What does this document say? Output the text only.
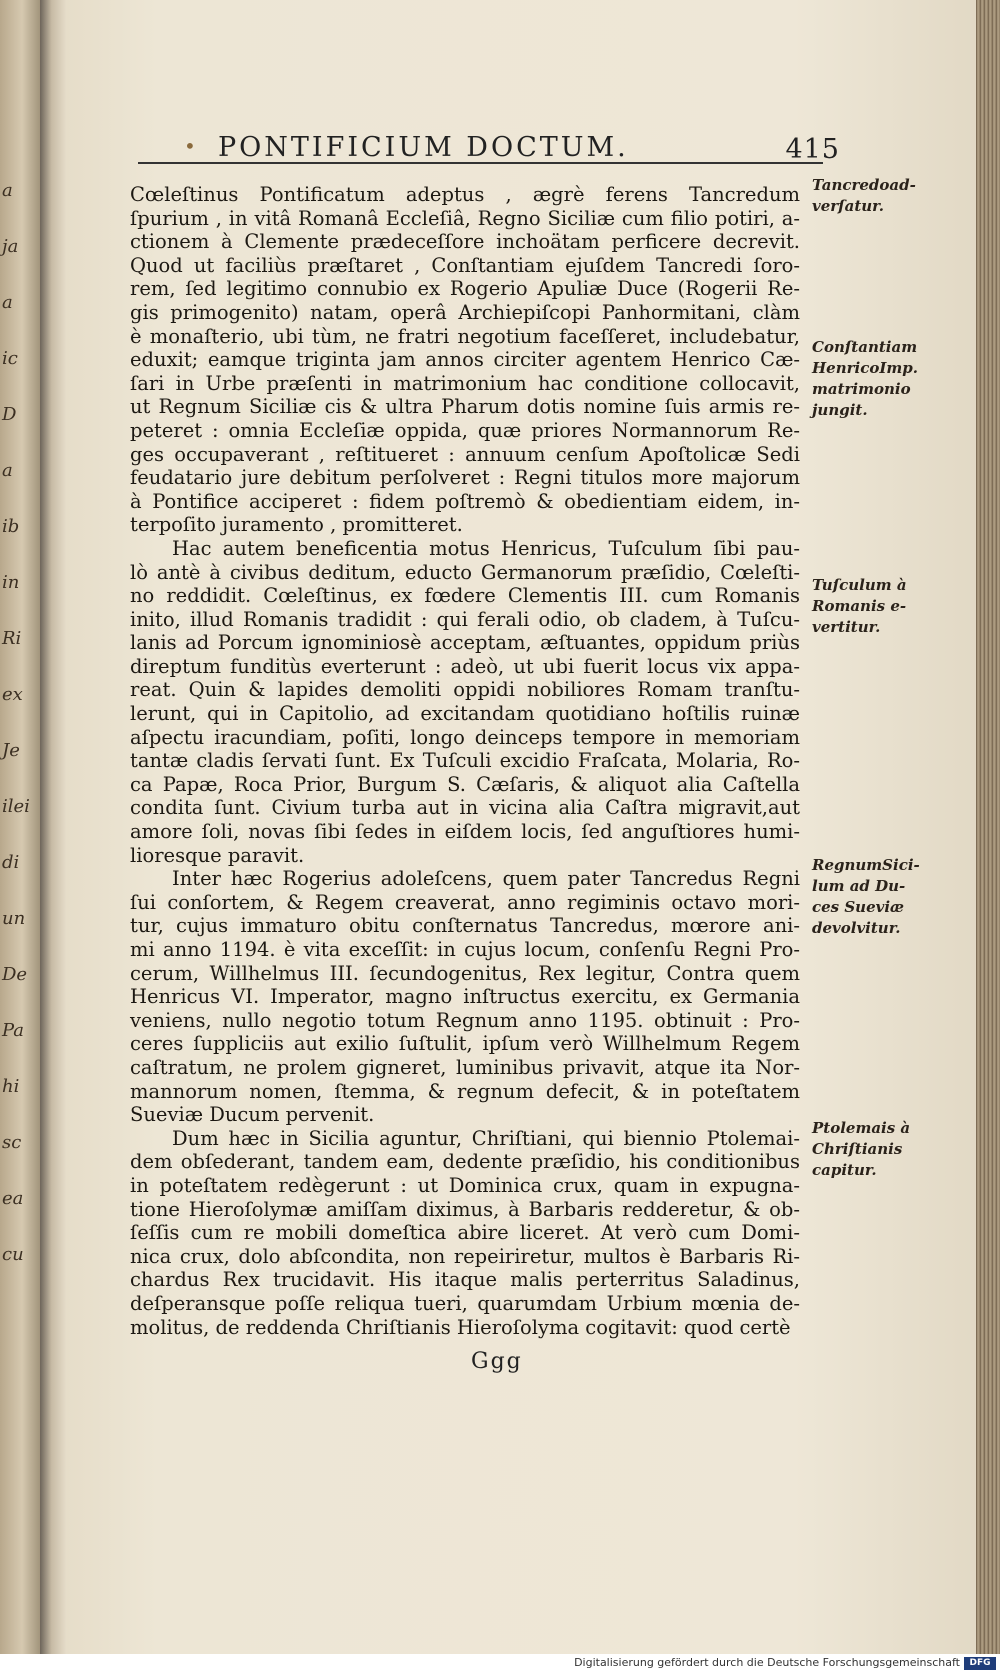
a
ja
a
ic
D
a
ib
in
Ri
ex
Je
ilei
di
un
De
Pa
hi
sc
ea
cu
• PONTIFICIUM DOCTUM.	415
Cœleſtinus Pontificatum adeptus , ægrè ferens Tancredum
ſpurium , in vitâ Romanâ Eccleſiâ, Regno Siciliæ cum filio potiri, a-
ctionem à Clemente prædeceſſore inchoätam perficere decrevit.
Quod ut faciliùs præſtaret , Conſtantiam ejuſdem Tancredi ſoro-
rem, ſed legitimo connubio ex Rogerio Apuliæ Duce (Rogerii Re-
gis primogenito) natam, operâ Archiepiſcopi Panhormitani, clàm
è monaſterio, ubi tùm, ne fratri negotium faceſſeret, includebatur,
eduxit; eamque triginta jam annos circiter agentem Henrico Cæ-
ſari in Urbe præſenti in matrimonium hac conditione collocavit,
ut Regnum Siciliæ cis & ultra Pharum dotis nomine ſuis armis re-
peteret : omnia Eccleſiæ oppida, quæ priores Normannorum Re-
ges occupaverant , reſtitueret : annuum cenſum Apoſtolicæ Sedi
feudatario jure debitum perſolveret : Regni titulos more majorum
à Pontifice acciperet : fidem poſtremò & obedientiam eidem, in-
terpoſito juramento , promitteret.
Hac autem beneficentia motus Henricus, Tuſculum ſibi pau-
lò antè à civibus deditum, educto Germanorum præſidio, Cœleſti-
no reddidit. Cœleſtinus, ex fœdere Clementis III. cum Romanis
inito, illud Romanis tradidit : qui ferali odio, ob cladem, à Tuſcu-
lanis ad Porcum ignominiosè acceptam, æſtuantes, oppidum priùs
direptum funditùs everterunt : adeò, ut ubi fuerit locus vix appa-
reat. Quin & lapides demoliti oppidi nobiliores Romam tranſtu-
lerunt, qui in Capitolio, ad excitandam quotidiano hoſtilis ruinæ
aſpectu iracundiam, poſiti, longo deinceps tempore in memoriam
tantæ cladis ſervati ſunt. Ex Tuſculi excidio Fraſcata, Molaria, Ro-
ca Papæ, Roca Prior, Burgum S. Cæſaris, & aliquot alia Caſtella
condita ſunt. Civium turba aut in vicina alia Caſtra migravit,aut
amore ſoli, novas ſibi ſedes in eiſdem locis, ſed anguſtiores humi-
lioresque paravit.
Inter hæc Rogerius adoleſcens, quem pater Tancredus Regni
ſui conſortem, & Regem creaverat, anno regiminis octavo mori-
tur, cujus immaturo obitu conſternatus Tancredus, mœrore ani-
mi anno 1194. è vita exceſſit: in cujus locum, conſenſu Regni Pro-
cerum, Willhelmus III. ſecundogenitus, Rex legitur, Contra quem
Henricus VI. Imperator, magno inſtructus exercitu, ex Germania
veniens, nullo negotio totum Regnum anno 1195. obtinuit : Pro-
ceres ſuppliciis aut exilio ſuſtulit, ipſum verò Willhelmum Regem
caſtratum, ne prolem gigneret, luminibus privavit, atque ita Nor-
mannorum nomen, ſtemma, & regnum defecit, & in poteſtatem
Sueviæ Ducum pervenit.
Dum hæc in Sicilia aguntur, Chriſtiani, qui biennio Ptolemai-
dem obſederant, tandem eam, dedente præſidio, his conditionibus
in poteſtatem redègerunt : ut Dominica crux, quam in expugna-
tione Hieroſolymæ amiſſam diximus, à Barbaris redderetur, & ob-
ſeſſis cum re mobili domeſtica abire liceret. At verò cum Domi-
nica crux, dolo abſcondita, non repeiriretur, multos è Barbaris Ri-
chardus Rex trucidavit. His itaque malis perterritus Saladinus,
deſperansque poſſe reliqua tueri, quarumdam Urbium mœnia de-
molitus, de reddenda Chriſtianis Hieroſolyma cogitavit: quod certè
Tancredoad-
verſatur.
Conſtantiam
HenricoImp.
matrimonio
jungit.
Tuſculum à
Romanis e-
vertitur.
RegnumSici-
lum ad Du-
ces Sueviæ
devolvitur.
Ptolemais à
Chriſtianis
capitur.
Ggg
Digitalisierung gefördert durch die Deutsche Forschungsgemeinschaft	DFG
